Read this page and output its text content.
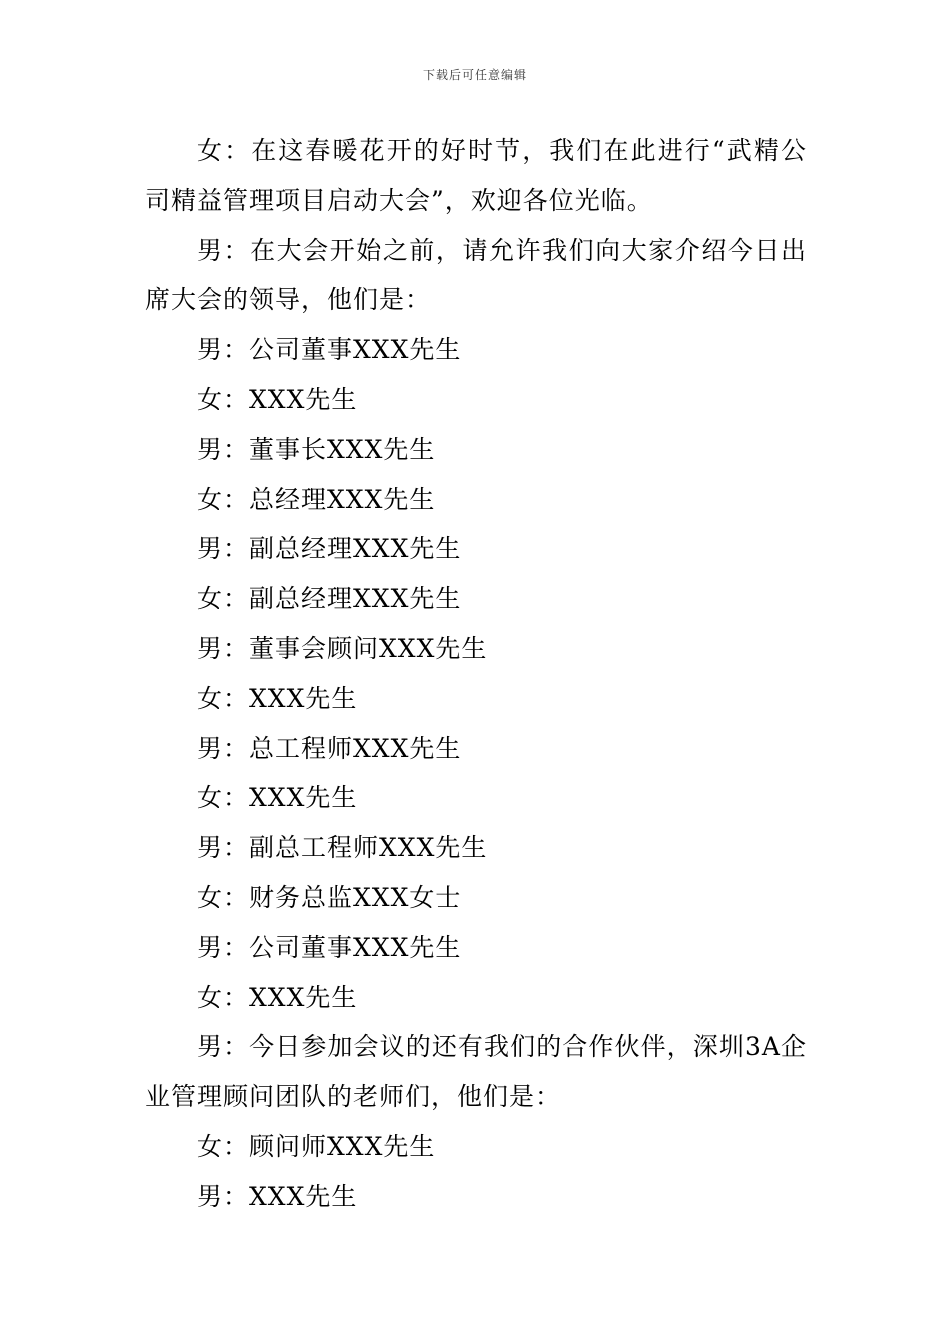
下载后可任意编辑

女：在这春暖花开的好时节，我们在此进行“武精公司精益管理项目启动大会”，欢迎各位光临。

男：在大会开始之前，请允许我们向大家介绍今日出席大会的领导，他们是：

男：公司董事XXX先生

女：XXX先生

男：董事长XXX先生

女：总经理XXX先生

男：副总经理XXX先生

女：副总经理XXX先生

男：董事会顾问XXX先生

女：XXX先生

男：总工程师XXX先生

女：XXX先生

男：副总工程师XXX先生

女：财务总监XXX女士

男：公司董事XXX先生

女：XXX先生

男：今日参加会议的还有我们的合作伙伴，深圳3A企业管理顾问团队的老师们，他们是：

女：顾问师XXX先生

男：XXX先生
